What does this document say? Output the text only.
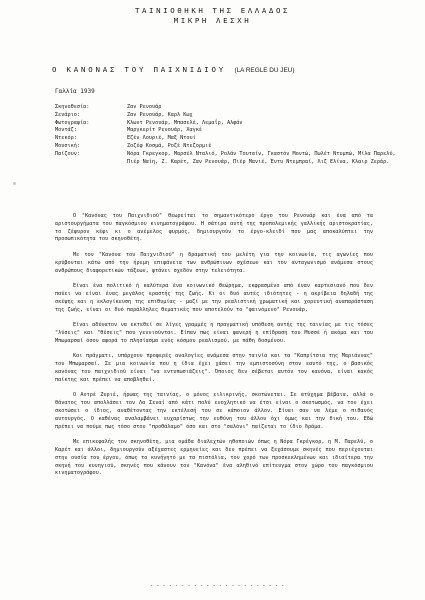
ΤΑΙΝΙΟΘΗΚΗ ΤΗΣ ΕΛΛΑΔΟΣ
ΜΙΚΡΗ ΛΕΣΧΗ
Ο ΚΑΝΟΝΑΣ ΤΟΥ ΠΑΙΧΝΙΔΙΟΥ (LA REGLE DU JEU)
Γαλλία 1939
Σκηνοθεσία:	Ζαν Ρενουάρ
Σενάριο:	Ζαν Ρενουάρ, Καρλ Κωχ
Φωτογραφία:	Κλωντ Ρενουάρ, Μπασελέ, Λεμαΐρ, Αλφάν
Μοντάζ:	Μαργκερίτ Ρενουάρ, Χαγκέ
Ντεκόρ:	Εζέν Λουριέ, Μαξ Ντουί
Μουσική:	Ζοζέφ Κοσμά, Ροζέ Ντεζορμιέ
Παίζουν:	Νόρα Γκρεγκορ, Μαρσέλ Νταλιό, Ρολάν Τουταίν, Γκαστόν Μοντώ, Πωλέτ Ντυμπώ, Μίλα Παρελύ, Πιέρ Ναίη, Ζ. Καρέτ, Ζαν Ρενουάρ, Πιέρ Μανιέ, Έντυ Ντεμπραί, Λιζ Ελίνα, Κλαιρ Ζεράρ.

Ο "Κανόνας του Παιχνιδιού" θεωρείται το σημαντικότερο έργο του Ρενουάρ και ένα από τα αριστουργήματα του παγκόσμιου κινηματογράφου. Η σάτιρα αυτή της προπολεμικής γαλλικής αριστοκρατίας, το ζέφυρον κέφι κι ο ανέμελος φυρμός, δημιουργούν το έργο-κλειδί που μας αποκαλύπτει την προσωπικότητα του σκηνοθέτη.

Με τον "Κανόνα του Παιχνιδιού" η δραματική του μελέτη για την κοινωνία, τις αγωνίες που κρύβονται κάτω από την ήρεμη επιφάνεια των ανθρώπινων σχέσεων και τον ανταγωνισμό ανάμεσα στους ανθρώπους διαφορετικών τάξεων, φτάνει σχεδόν στην τελειότητα.

Είναι ένα πολιτικό ή καλύτερα ένα κοινωνικό θεώρημα, εκφρασμένο από έναν καρτεσιανό που δεν παύει να είναι ένας μεγάλος εραστής της ζωής. Κι οι δυό αυτές ιδιότητες - η ακρίβεια δηλαδή της σκέψης και η εκλογίκευση της επιθυμίας - μαζί με την ρεαλιστική χρωματική και χορευτική αναπαράσταση της ζωής, είναι οι δυό παράλληλες θεματικές που αποτελούν το "φαινόμενο" Ρενουάρ.

Είναι αδύνατον να εκτεθεί σε λίγες γραμμές η πραγματική υπόθεση αυτής της ταινίας με τις τόσες "λύσεις" και "θέσεις" που γεννιούνται. Είπαν πως είναι φανερή η επίδραση του Μυσσέ ή ακόμα και του Μπωμαρσαί όσον αφορά το πλησίασμα ενός κόσμου ρεαλισμού, με πάθη δοσμένου.

Και πράγματι, υπάρχουν προφερές αναλογίες ανάμεσα στην ταινία και τα "Καπρίτσια της Μαριάννας" του Μπωμαρσαί. Σε μια κοινωνία που η ίδια έχει χάσει την εμπιστοσύνη στον εαυτό της, ο βασικός κανόνας του παιχνιδιού είναι "να εντυπωσιάζεις". Όποιος δεν σέβεται αυτόν τον κανόνα, είναι κακός παίκτης και πρέπει να αποβληθεί.

Ο Αντρέ Ζυριέ, ήρωας της ταινίας, ο μόνος ειλικρινής, σκοτώνεται. Σε ατύχημα βέβαια, αλλά ο θάνατος του απολλάσει τον Λα Σεναί από κάτι πολύ ενοχλητικό να έτσι είναι ο σκοτωσμός, να τον έχει σκοτώσει ο ίδιος, αναθέτοντας την εκτέλεσή του σε κάποιον άλλον. Είναι σαν να λέμε ο πιθανός αυτουργός. Ο καθένας αναλαμβάνει ευχαρίστως την ευθύνη του άλλου όχι όμως και την δική του. Εδώ πρέπει να πούμε πως τόσο στον "προθάλαμο" όσο και στο "σαλόνι" παίζεται το ίδιο δράμα.

Με επικεφαλής τον σκηνοθέτη, μια ομάδα διαλεχτών ηθοποιών όπως η Νόρα Γκρέγκορ, η Μ. Παρελύ, ο Καρέτ και άλλοι, δημιουργούν αξέχαστες ερμηνείες και δεν πρέπει να ξεχάσουμε σκηνές που περιέχονται στην ουσία του έργου, όπως το κυνήγητό με τα πιστόλια, τον χορό των προσκεκλημένων και ιδιαίτερα την σκηνή του κυνηγιού, σκηνές που κάνουν τον "Κανόνα" ένα αληθινό επίτευγμα στον χώρο του παγκόσμιου κινηματογράφου.

- - - - - - - - - - - - - - - - - - - - - -
